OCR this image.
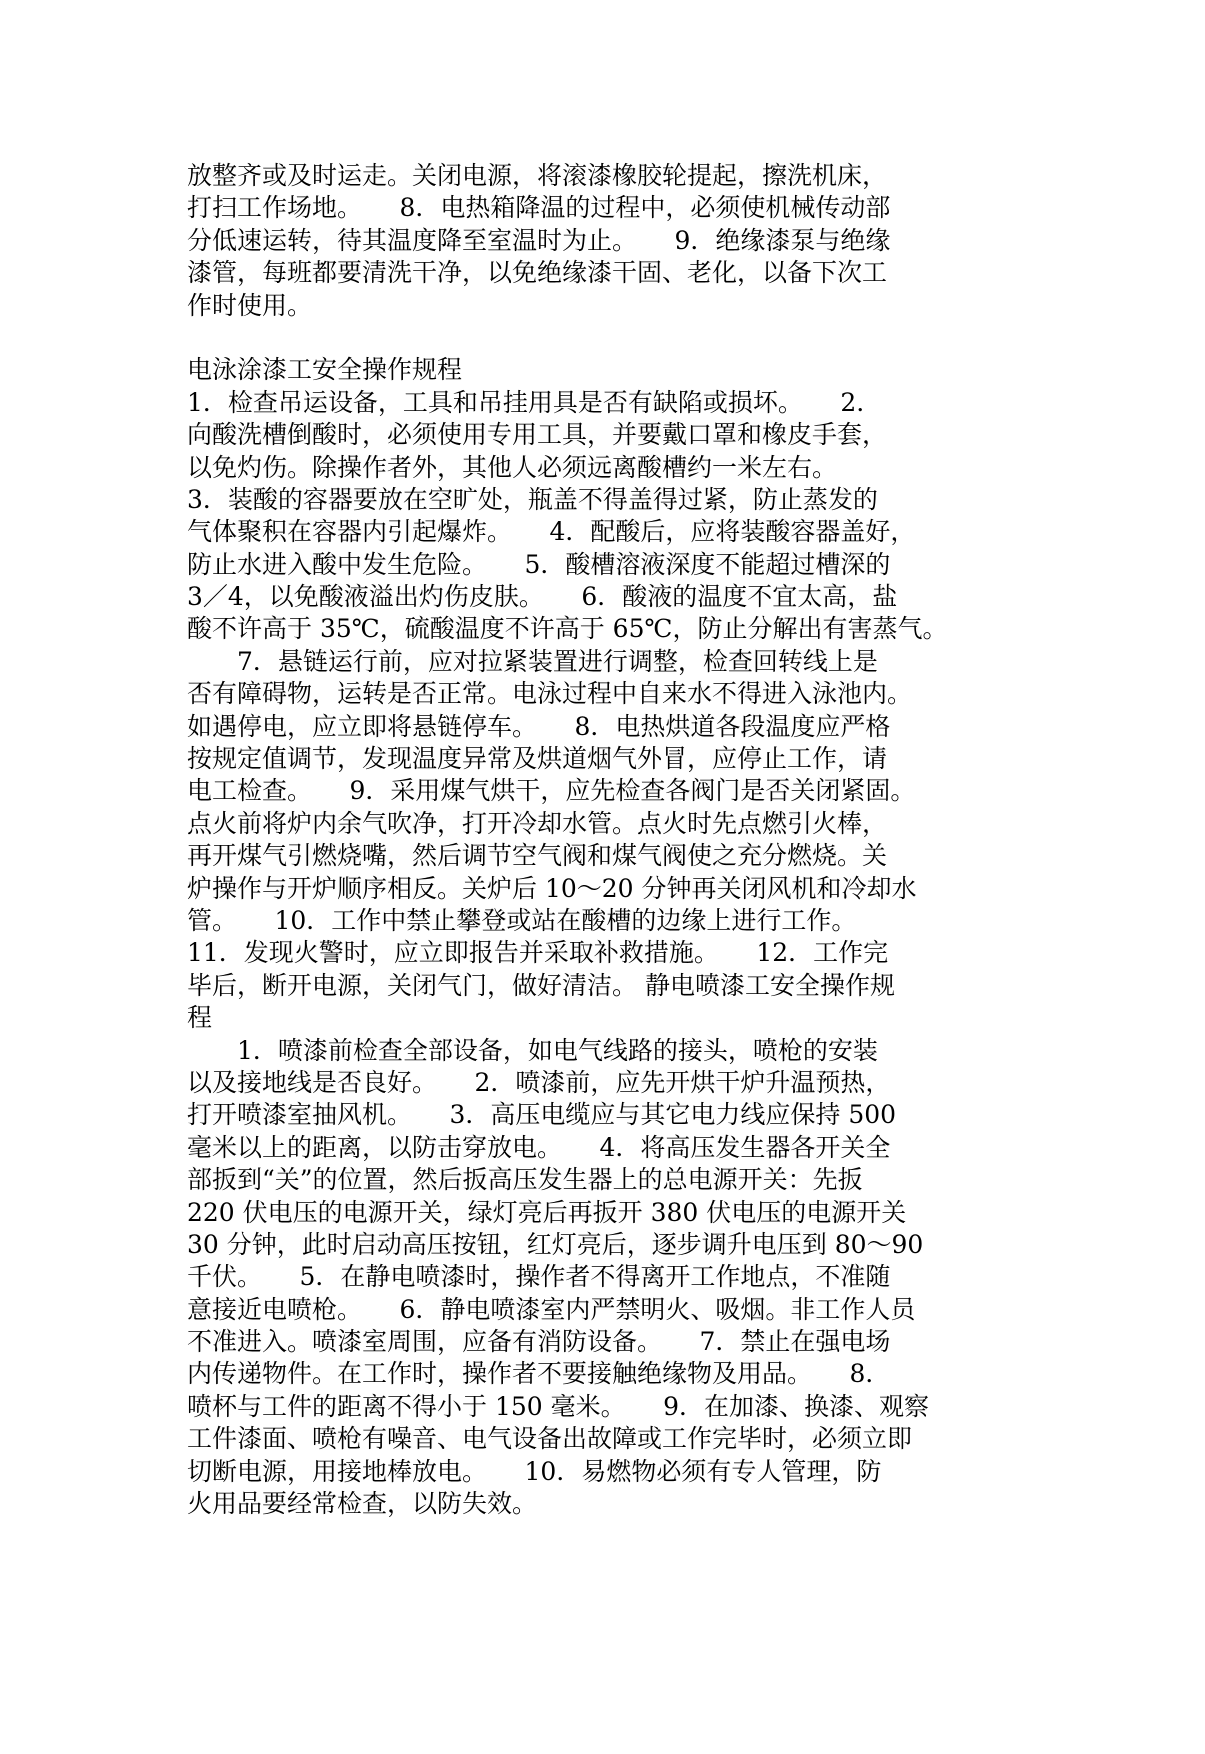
放整齐或及时运走。关闭电源，将滚漆橡胶轮提起，擦洗机床，
打扫工作场地。　　8．电热箱降温的过程中，必须使机械传动部
分低速运转，待其温度降至室温时为止。　　9．绝缘漆泵与绝缘
漆管，每班都要清洗干净，以免绝缘漆干固、老化，以备下次工
作时使用。
电泳涂漆工安全操作规程
1．检查吊运设备，工具和吊挂用具是否有缺陷或损坏。　　2．
向酸洗槽倒酸时，必须使用专用工具，并要戴口罩和橡皮手套，
以免灼伤。除操作者外，其他人必须远离酸槽约一米左右。
3．装酸的容器要放在空旷处，瓶盖不得盖得过紧，防止蒸发的
气体聚积在容器内引起爆炸。　　4．配酸后，应将装酸容器盖好，
防止水进入酸中发生危险。　　5．酸槽溶液深度不能超过槽深的
3／4，以免酸液溢出灼伤皮肤。　　6．酸液的温度不宜太高，盐
酸不许高于 35℃，硫酸温度不许高于 65℃，防止分解出有害蒸气。
　　7．悬链运行前，应对拉紧装置进行调整，检查回转线上是
否有障碍物，运转是否正常。电泳过程中自来水不得进入泳池内。
如遇停电，应立即将悬链停车。　　8．电热烘道各段温度应严格
按规定值调节，发现温度异常及烘道烟气外冒，应停止工作，请
电工检查。　　9．采用煤气烘干，应先检查各阀门是否关闭紧固。
点火前将炉内余气吹净，打开冷却水管。点火时先点燃引火棒，
再开煤气引燃烧嘴，然后调节空气阀和煤气阀使之充分燃烧。关
炉操作与开炉顺序相反。关炉后 10～20 分钟再关闭风机和冷却水
管。　　10．工作中禁止攀登或站在酸槽的边缘上进行工作。
11．发现火警时，应立即报告并采取补救措施。　　12．工作完
毕后，断开电源，关闭气门，做好清洁。 静电喷漆工安全操作规
程
　　1．喷漆前检查全部设备，如电气线路的接头，喷枪的安装
以及接地线是否良好。　　2．喷漆前，应先开烘干炉升温预热，
打开喷漆室抽风机。　　3．高压电缆应与其它电力线应保持 500
毫米以上的距离，以防击穿放电。　　4．将高压发生器各开关全
部扳到“关”的位置，然后扳高压发生器上的总电源开关：先扳
220 伏电压的电源开关，绿灯亮后再扳开 380 伏电压的电源开关
30 分钟，此时启动高压按钮，红灯亮后，逐步调升电压到 80～90
千伏。　　5．在静电喷漆时，操作者不得离开工作地点，不准随
意接近电喷枪。　　6．静电喷漆室内严禁明火、吸烟。非工作人员
不准进入。喷漆室周围，应备有消防设备。　　7．禁止在强电场
内传递物件。在工作时，操作者不要接触绝缘物及用品。　　8．
喷杯与工件的距离不得小于 150 毫米。　　9．在加漆、换漆、观察
工件漆面、喷枪有噪音、电气设备出故障或工作完毕时，必须立即
切断电源，用接地棒放电。　　10．易燃物必须有专人管理，防
火用品要经常检查，以防失效。
